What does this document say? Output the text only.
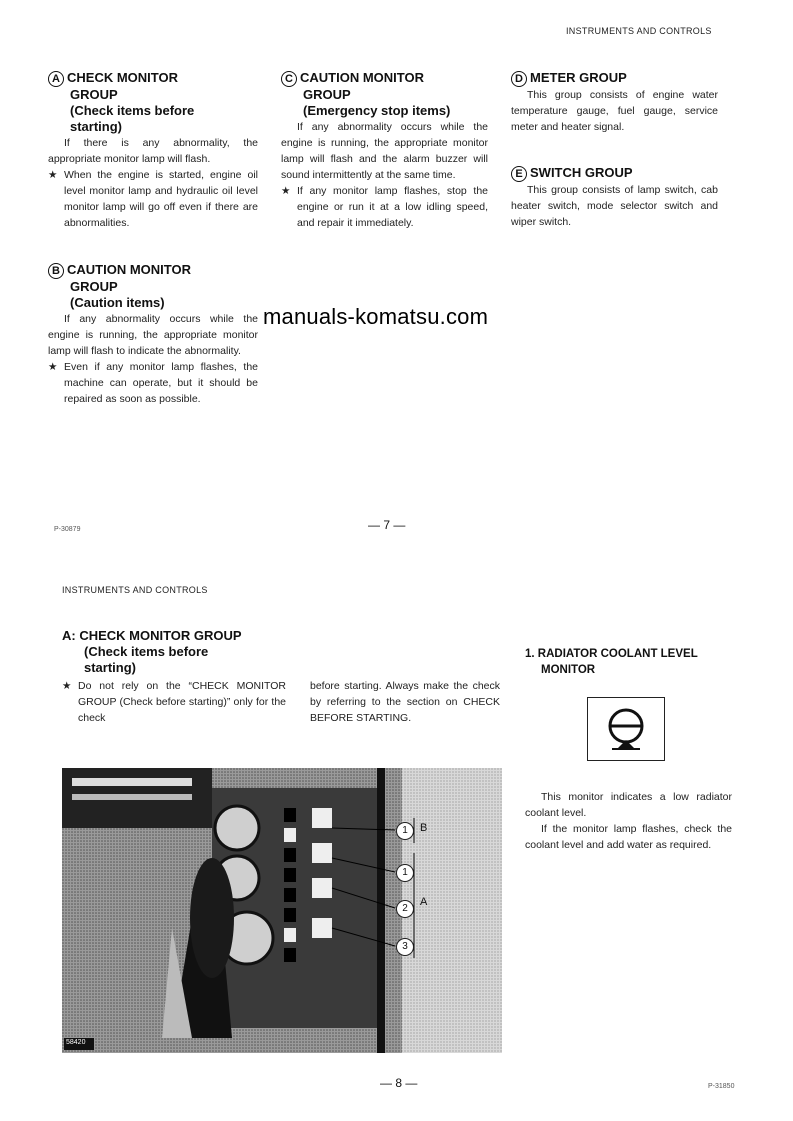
INSTRUMENTS AND CONTROLS
A CHECK MONITOR
GROUP
(Check items before
starting)
If there is any abnormality, the appropriate monitor lamp will flash.
★ When the engine is started, engine oil level monitor lamp and hydraulic oil level monitor lamp will go off even if there are abnormalities.
B CAUTION MONITOR
GROUP
(Caution items)
If any abnormality occurs while the engine is running, the appropriate monitor lamp will flash to indicate the abnormality.
★ Even if any monitor lamp flashes, the machine can operate, but it should be repaired as soon as possible.
C CAUTION MONITOR
GROUP
(Emergency stop items)
If any abnormality occurs while the engine is running, the appropriate monitor lamp will flash and the alarm buzzer will sound intermittently at the same time.
★ If any monitor lamp flashes, stop the engine or run it at a low idling speed, and repair it immediately.
D METER GROUP
This group consists of engine water temperature gauge, fuel gauge, service meter and heater signal.
E SWITCH GROUP
This group consists of lamp switch, cab heater switch, mode selector switch and wiper switch.
manuals-komatsu.com
P-30879	— 7 —
INSTRUMENTS AND CONTROLS
A: CHECK MONITOR GROUP
(Check items before
starting)
★ Do not rely on the “CHECK MONITOR GROUP (Check before starting)” only for the check
before starting. Always make the check by referring to the section on CHECK BEFORE STARTING.
58420
1
1
2
3
B
A
1. RADIATOR COOLANT LEVEL
MONITOR
This monitor indicates a low radiator coolant level.
If the monitor lamp flashes, check the coolant level and add water as required.
— 8 —	P-31850
